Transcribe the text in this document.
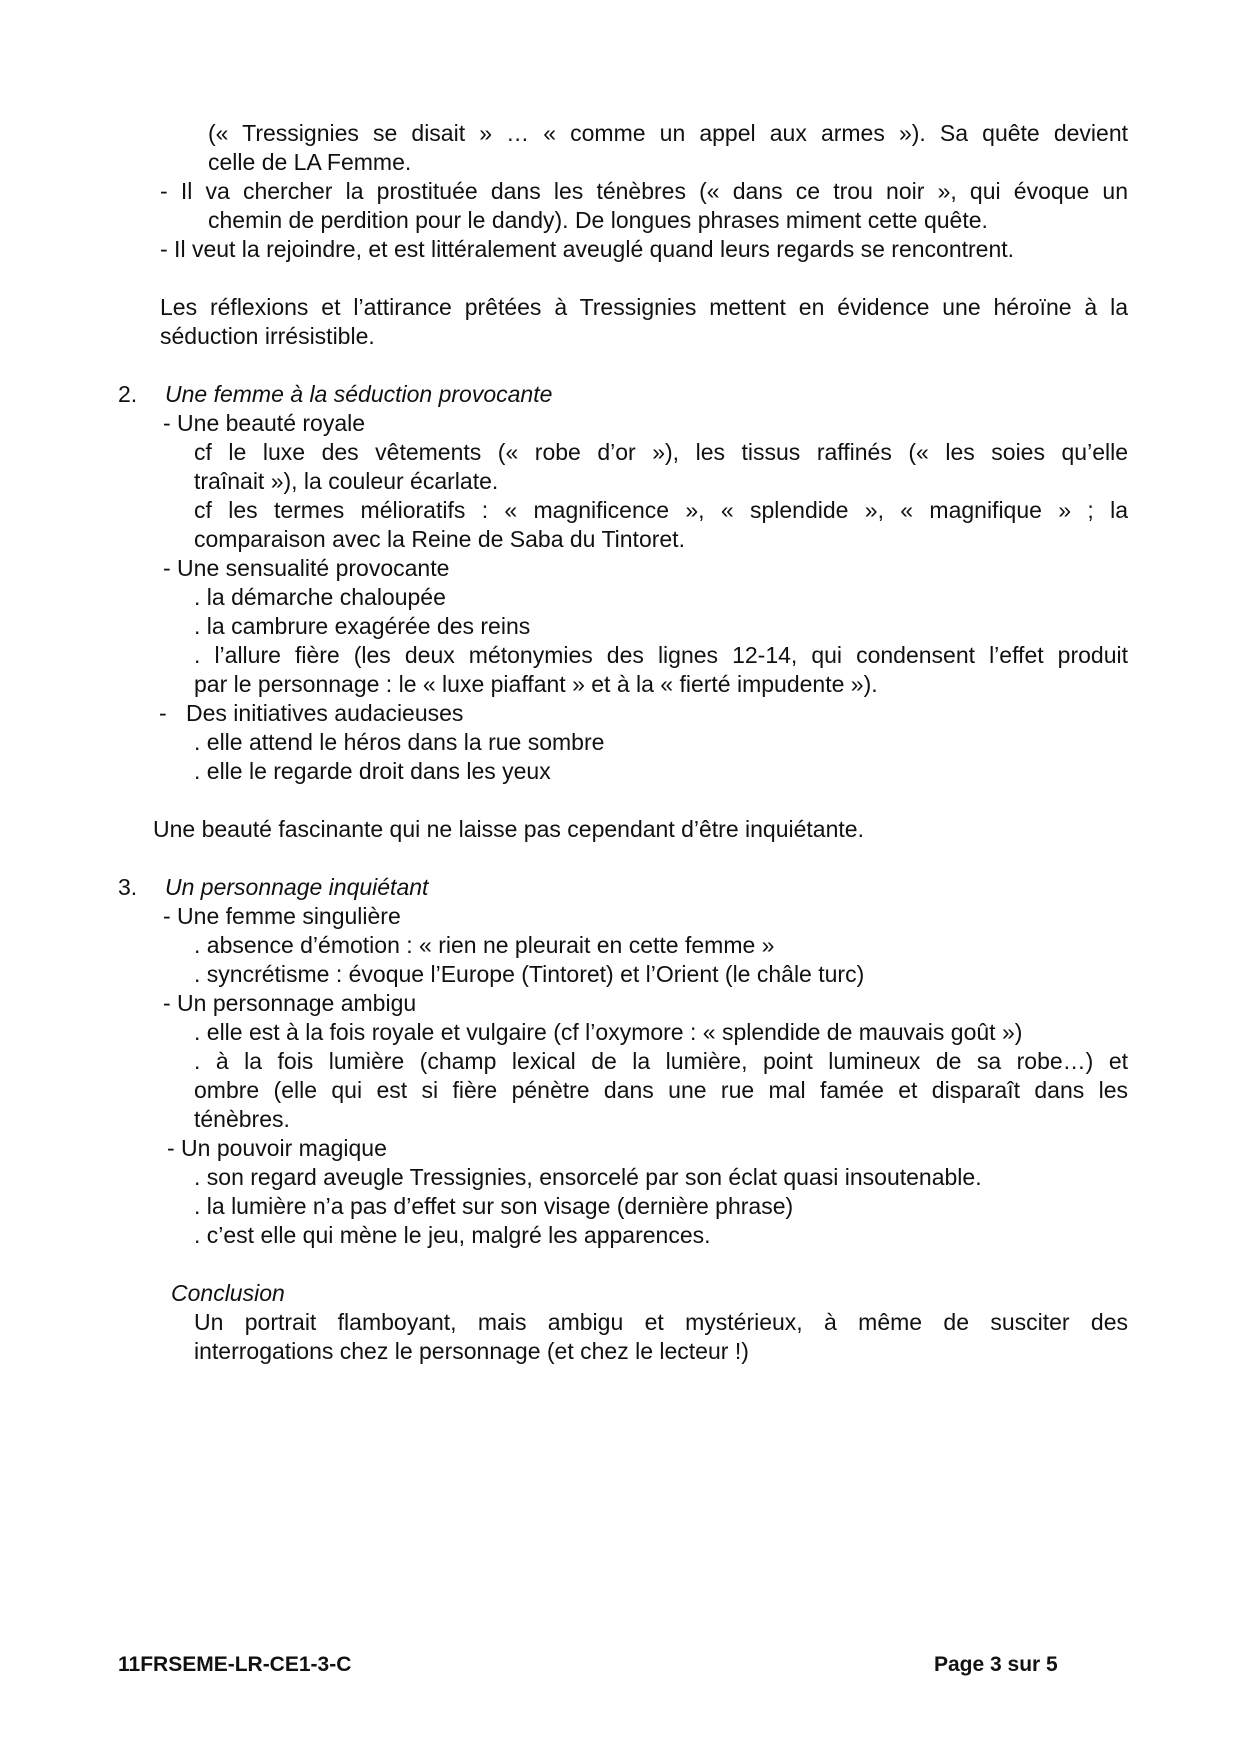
(« Tressignies se disait » … « comme un appel aux armes »). Sa quête devient
celle de LA Femme.
- Il va chercher la prostituée dans les ténèbres (« dans ce trou noir », qui évoque un
chemin de perdition pour le dandy). De longues phrases miment cette quête.
- Il veut la rejoindre, et est littéralement aveuglé quand leurs regards se rencontrent.
Les réflexions et l’attirance prêtées à Tressignies mettent en évidence une héroïne à la
séduction irrésistible.
2. Une femme à la séduction provocante
- Une beauté royale
cf le luxe des vêtements (« robe d’or »), les tissus raffinés (« les soies qu’elle
traînait »), la couleur écarlate.
cf les termes mélioratifs : « magnificence », « splendide », « magnifique » ; la
comparaison avec la Reine de Saba du Tintoret.
- Une sensualité provocante
. la démarche chaloupée
. la cambrure exagérée des reins
. l’allure fière (les deux métonymies des lignes 12-14, qui condensent l’effet produit
par le personnage : le « luxe piaffant » et à la « fierté impudente »).
- Des initiatives audacieuses
. elle attend le héros dans la rue sombre
. elle le regarde droit dans les yeux
Une beauté fascinante qui ne laisse pas cependant d’être inquiétante.
3. Un personnage inquiétant
- Une femme singulière
. absence d’émotion : « rien ne pleurait en cette femme »
. syncrétisme : évoque l’Europe (Tintoret) et l’Orient (le châle turc)
- Un personnage ambigu
. elle est à la fois royale et vulgaire (cf l’oxymore : « splendide de mauvais goût »)
. à la fois lumière (champ lexical de la lumière, point lumineux de sa robe…) et
ombre (elle qui est si fière pénètre dans une rue mal famée et disparaît dans les
ténèbres.
- Un pouvoir magique
. son regard aveugle Tressignies, ensorcelé par son éclat quasi insoutenable.
. la lumière n’a pas d’effet sur son visage (dernière phrase)
. c’est elle qui mène le jeu, malgré les apparences.
Conclusion
Un portrait flamboyant, mais ambigu et mystérieux, à même de susciter des
interrogations chez le personnage (et chez le lecteur !)
11FRSEME-LR-CE1-3-C	Page 3 sur 5
